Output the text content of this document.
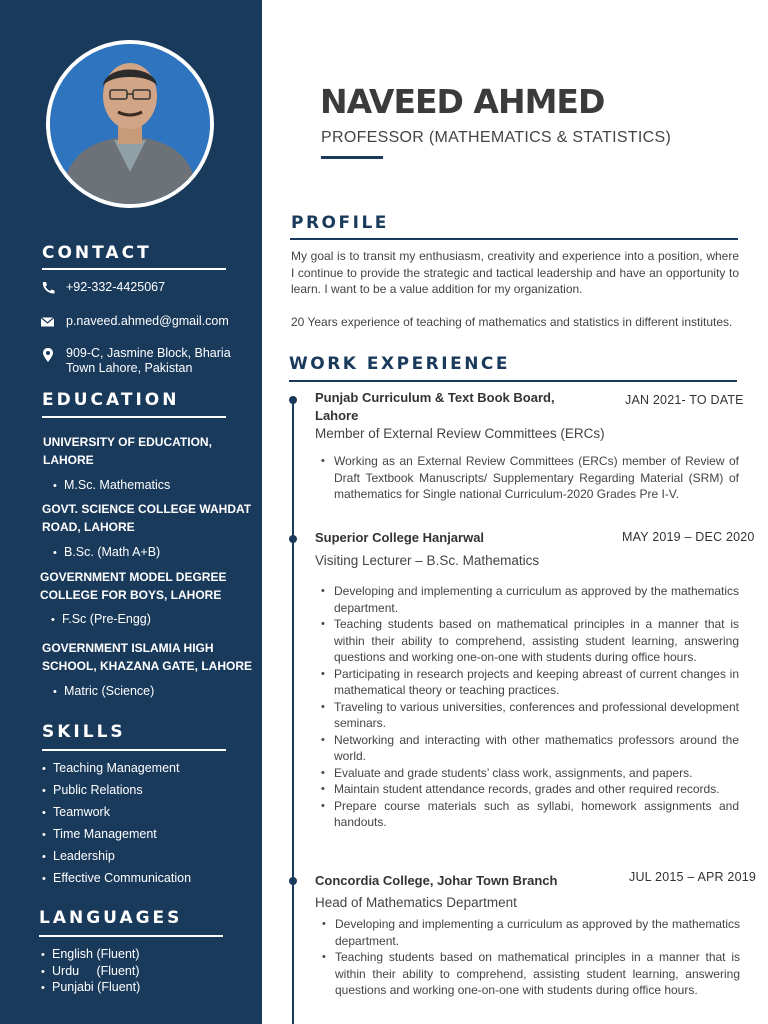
CONTACT
+92-332-4425067
p.naveed.ahmed@gmail.com
909-C, Jasmine Block, Bharia
Town Lahore, Pakistan
EDUCATION
UNIVERSITY OF EDUCATION, LAHORE
• M.Sc. Mathematics
GOVT. SCIENCE COLLEGE WAHDAT ROAD, LAHORE
• B.Sc. (Math A+B)
GOVERNMENT MODEL DEGREE COLLEGE FOR BOYS, LAHORE
• F.Sc (Pre-Engg)
GOVERNMENT ISLAMIA HIGH SCHOOL, KHAZANA GATE, LAHORE
• Matric (Science)
SKILLS
• Teaching Management
• Public Relations
• Teamwork
• Time Management
• Leadership
• Effective Communication
LANGUAGES
• English (Fluent)
• Urdu     (Fluent)
• Punjabi (Fluent)
NAVEED AHMED
PROFESSOR (MATHEMATICS & STATISTICS)
PROFILE

My goal is to transit my enthusiasm, creativity and experience into a position, where I continue to provide the strategic and tactical leadership and have an opportunity to learn. I want to be a value addition for my organization.

20 Years experience of teaching of mathematics and statistics in different institutes.

WORK EXPERIENCE
Punjab Curriculum & Text Book Board, Lahore
JAN 2021- TO DATE
Member of External Review Committees (ERCs)
• Working as an External Review Committees (ERCs) member of Review of Draft Textbook Manuscripts/ Supplementary Regarding Material (SRM) of mathematics for Single national Curriculum-2020 Grades Pre I-V.
Superior College Hanjarwal	MAY 2019 – DEC 2020
Visiting Lecturer – B.Sc. Mathematics
• Developing and implementing a curriculum as approved by the mathematics department.
• Teaching students based on mathematical principles in a manner that is within their ability to comprehend, assisting student learning, answering questions and working one-on-one with students during office hours.
• Participating in research projects and keeping abreast of current changes in mathematical theory or teaching practices.
• Traveling to various universities, conferences and professional development seminars.
• Networking and interacting with other mathematics professors around the world.
• Evaluate and grade students’ class work, assignments, and papers.
• Maintain student attendance records, grades and other required records.
• Prepare course materials such as syllabi, homework assignments and handouts.
Concordia College, Johar Town Branch	JUL 2015 – APR 2019
Head of Mathematics Department
• Developing and implementing a curriculum as approved by the mathematics department.
• Teaching students based on mathematical principles in a manner that is within their ability to comprehend, assisting student learning, answering questions and working one-on-one with students during office hours.
